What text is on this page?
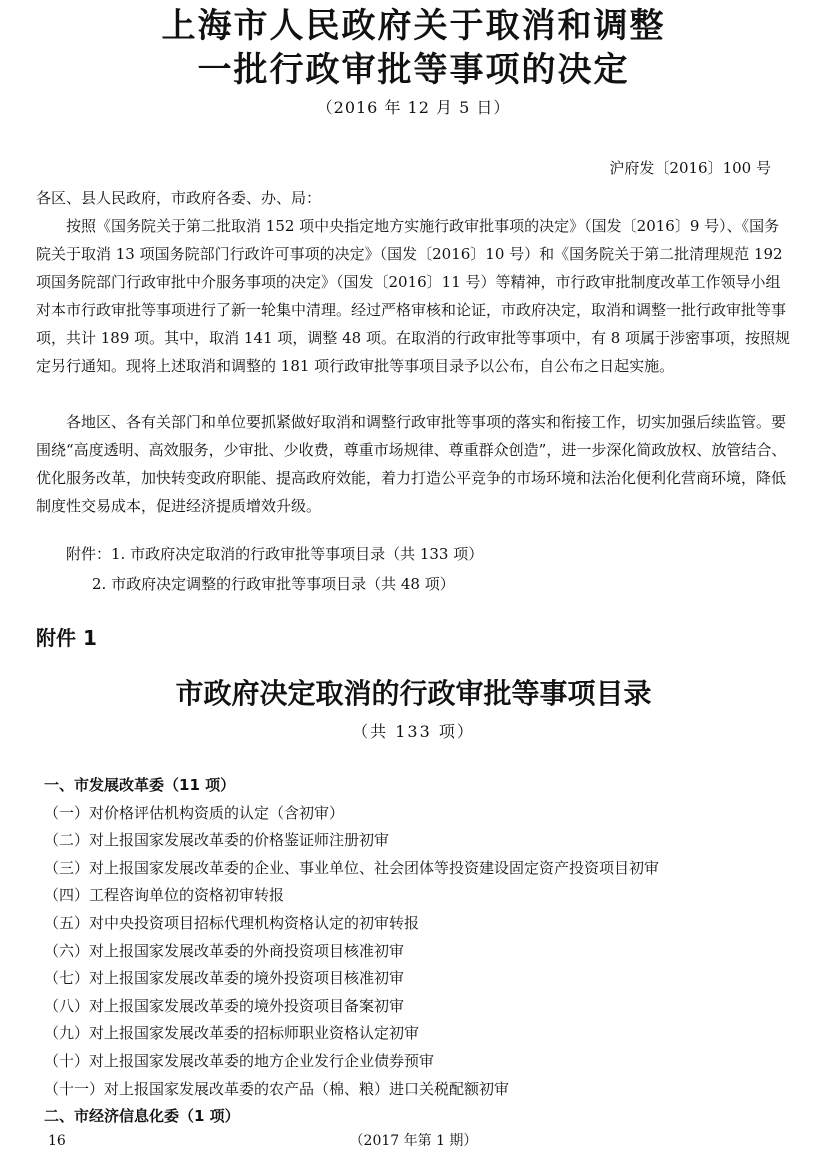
上海市人民政府关于取消和调整
一批行政审批等事项的决定
（2016 年 12 月 5 日）
沪府发〔2016〕100 号

各区、县人民政府，市政府各委、办、局：

按照《国务院关于第二批取消 152 项中央指定地方实施行政审批事项的决定》（国发〔2016〕9 号）、《国务院关于取消 13 项国务院部门行政许可事项的决定》（国发〔2016〕10 号）和《国务院关于第二批清理规范 192 项国务院部门行政审批中介服务事项的决定》（国发〔2016〕11 号）等精神，市行政审批制度改革工作领导小组对本市行政审批等事项进行了新一轮集中清理。经过严格审核和论证，市政府决定，取消和调整一批行政审批等事项，共计 189 项。其中，取消 141 项，调整 48 项。在取消的行政审批等事项中，有 8 项属于涉密事项，按照规定另行通知。现将上述取消和调整的 181 项行政审批等事项目录予以公布，自公布之日起实施。

各地区、各有关部门和单位要抓紧做好取消和调整行政审批等事项的落实和衔接工作，切实加强后续监管。要围绕“高度透明、高效服务，少审批、少收费，尊重市场规律、尊重群众创造”，进一步深化简政放权、放管结合、优化服务改革，加快转变政府职能、提高政府效能，着力打造公平竞争的市场环境和法治化便利化营商环境，降低制度性交易成本，促进经济提质增效升级。

附件：1. 市政府决定取消的行政审批等事项目录（共 133 项）
2. 市政府决定调整的行政审批等事项目录（共 48 项）
附件 1
市政府决定取消的行政审批等事项目录
（共 133 项）
一、市发展改革委（11 项）
（一）对价格评估机构资质的认定（含初审）
（二）对上报国家发展改革委的价格鉴证师注册初审
（三）对上报国家发展改革委的企业、事业单位、社会团体等投资建设固定资产投资项目初审
（四）工程咨询单位的资格初审转报
（五）对中央投资项目招标代理机构资格认定的初审转报
（六）对上报国家发展改革委的外商投资项目核准初审
（七）对上报国家发展改革委的境外投资项目核准初审
（八）对上报国家发展改革委的境外投资项目备案初审
（九）对上报国家发展改革委的招标师职业资格认定初审
（十）对上报国家发展改革委的地方企业发行企业债券预审
（十一）对上报国家发展改革委的农产品（棉、粮）进口关税配额初审
二、市经济信息化委（1 项）
16	（2017 年第 1 期）
